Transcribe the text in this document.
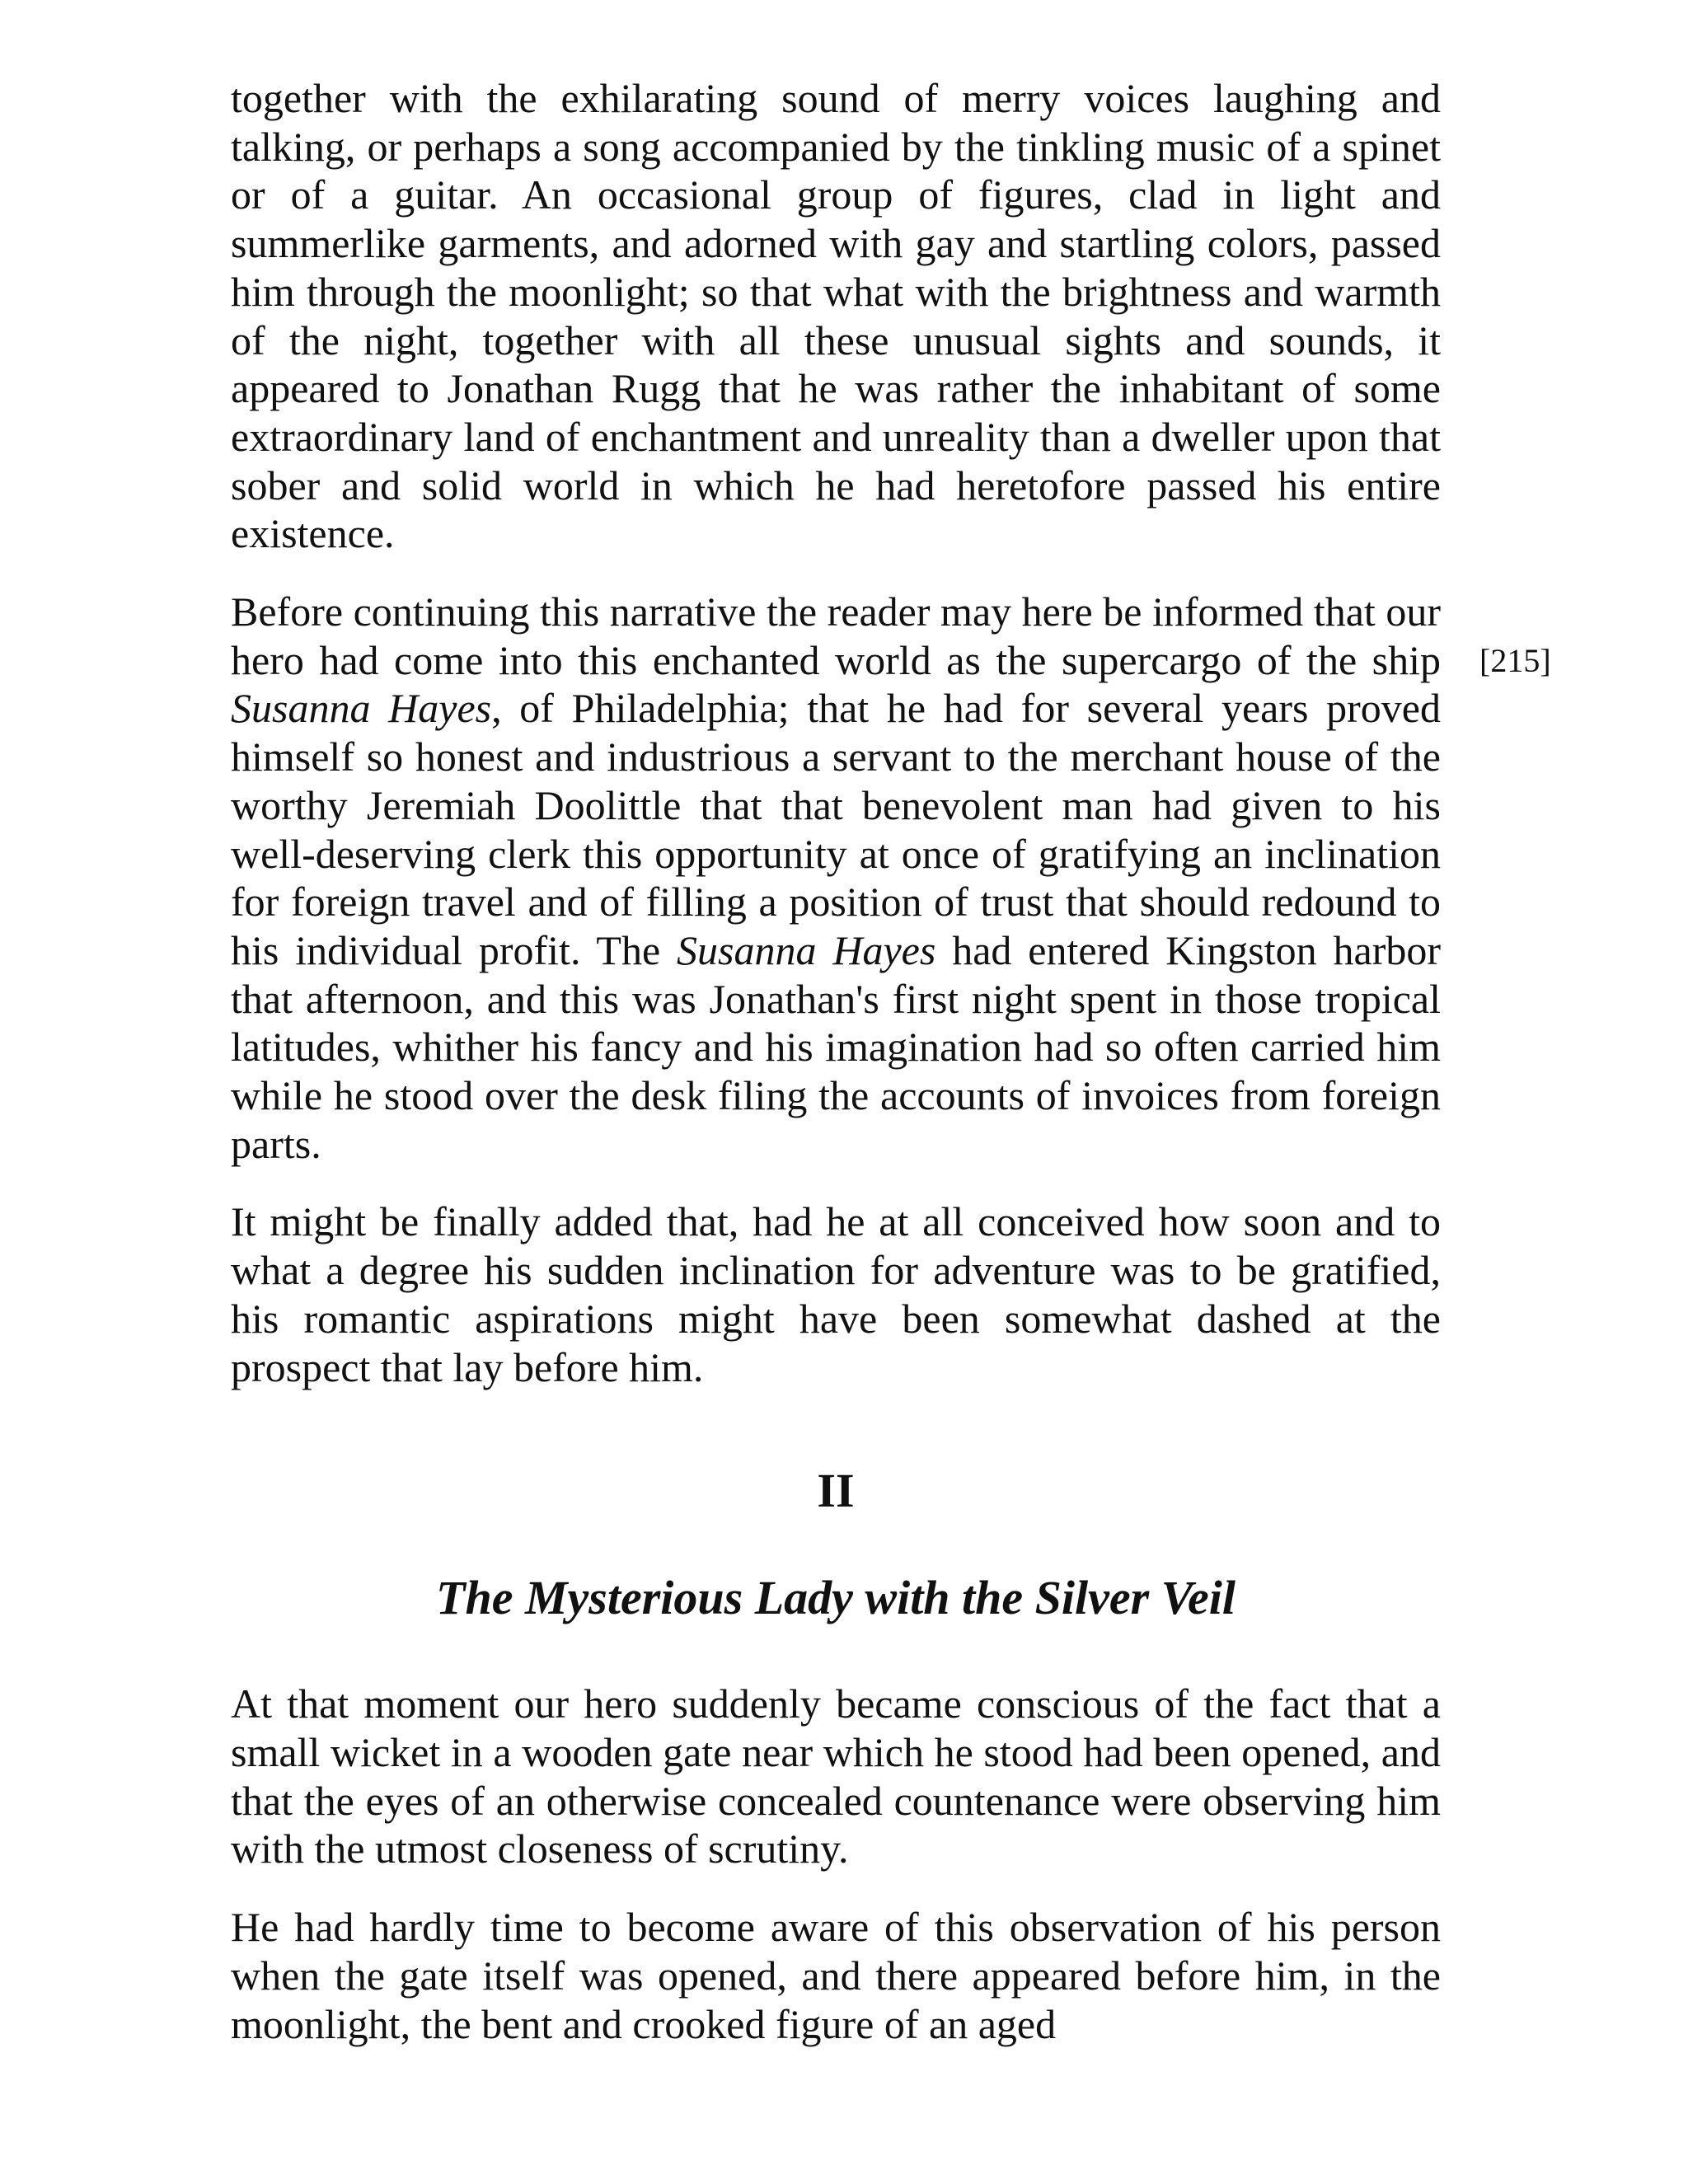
together with the exhilarating sound of merry voices laughing and talking, or perhaps a song accompanied by the tinkling music of a spinet or of a guitar. An occasional group of figures, clad in light and summerlike garments, and adorned with gay and startling colors, passed him through the moonlight; so that what with the brightness and warmth of the night, together with all these unusual sights and sounds, it appeared to Jonathan Rugg that he was rather the inhabitant of some extraordinary land of enchantment and unreality than a dweller upon that sober and solid world in which he had heretofore passed his entire existence.

Before continuing this narrative the reader may here be informed that our hero had come into this enchanted world as the supercargo of the ship Susanna Hayes, of Philadelphia; that he had for several years proved himself so honest and industrious a servant to the merchant house of the worthy Jeremiah Doolittle that that benevolent man had given to his well-deserving clerk this opportunity at once of gratifying an inclination for foreign travel and of filling a position of trust that should redound to his individual profit. The Susanna Hayes had entered Kingston harbor that afternoon, and this was Jonathan's first night spent in those tropical latitudes, whither his fancy and his imagination had so often carried him while he stood over the desk filing the accounts of invoices from foreign parts.

It might be finally added that, had he at all conceived how soon and to what a degree his sudden inclination for adventure was to be gratified, his romantic aspirations might have been somewhat dashed at the prospect that lay before him.

II
The Mysterious Lady with the Silver Veil

At that moment our hero suddenly became conscious of the fact that a small wicket in a wooden gate near which he stood had been opened, and that the eyes of an otherwise concealed countenance were observing him with the utmost closeness of scrutiny.

He had hardly time to become aware of this observation of his person when the gate itself was opened, and there appeared before him, in the moonlight, the bent and crooked figure of an aged

[215]
